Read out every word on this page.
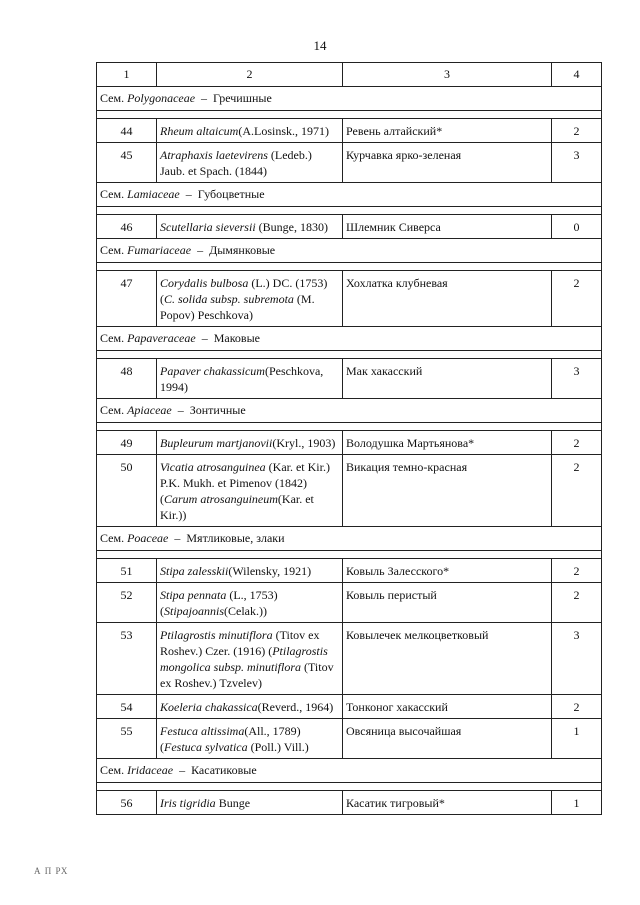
14
1	2	3	4
Сем. Polygonaceae – Гречишные			

44	Rheum altaicum(A.Losinsk., 1971)	Ревень алтайский*	2
45	Atraphaxis laetevirens (Ledeb.) Jaub. et Spach. (1844)	Курчавка ярко-зеленая	3
Сем. Lamiaceae – Губоцветные			

46	Scutellaria sieversii (Bunge, 1830)	Шлемник Сиверса	0
Сем. Fumariaceae – Дымянковые			

47	Corydalis bulbosa (L.) DC. (1753) (C. solida subsp. subremota (M. Popov) Peschkova)	Хохлатка клубневая	2
Сем. Papaveraceae – Маковые			

48	Papaver chakassicum(Peschkova, 1994)	Мак хакасский	3
Сем. Apiaceae – Зонтичные			

49	Bupleurum martjanovii(Kryl., 1903)	Володушка Мартьянова*	2
50	Vicatia atrosanguinea (Kar. et Kir.) P.K. Mukh. et Pimenov (1842) (Carum atrosanguineum(Kar. et Kir.))	Викация темно-красная	2
Сем. Poaceae – Мятликовые, злаки			

51	Stipa zalesskii(Wilensky, 1921)	Ковыль Залесского*	2
52	Stipa pennata (L., 1753) (Stipajoannis(Celak.))	Ковыль перистый	2
53	Ptilagrostis minutiflora (Titov ex Roshev.) Czer. (1916) (Ptilagrostis mongolica subsp. minutiflora (Titov ex Roshev.) Tzvelev)	Ковылечек мелкоцветковый	3
54	Koeleria chakassica(Reverd., 1964)	Тонконог хакасский	2
55	Festuca altissima(All., 1789) (Festuca sylvatica (Poll.) Vill.)	Овсяница высочайшая	1
Сем. Iridaceae – Касатиковые			

56	Iris tigridia Bunge	Касатик тигровый*	1
А П РХ
